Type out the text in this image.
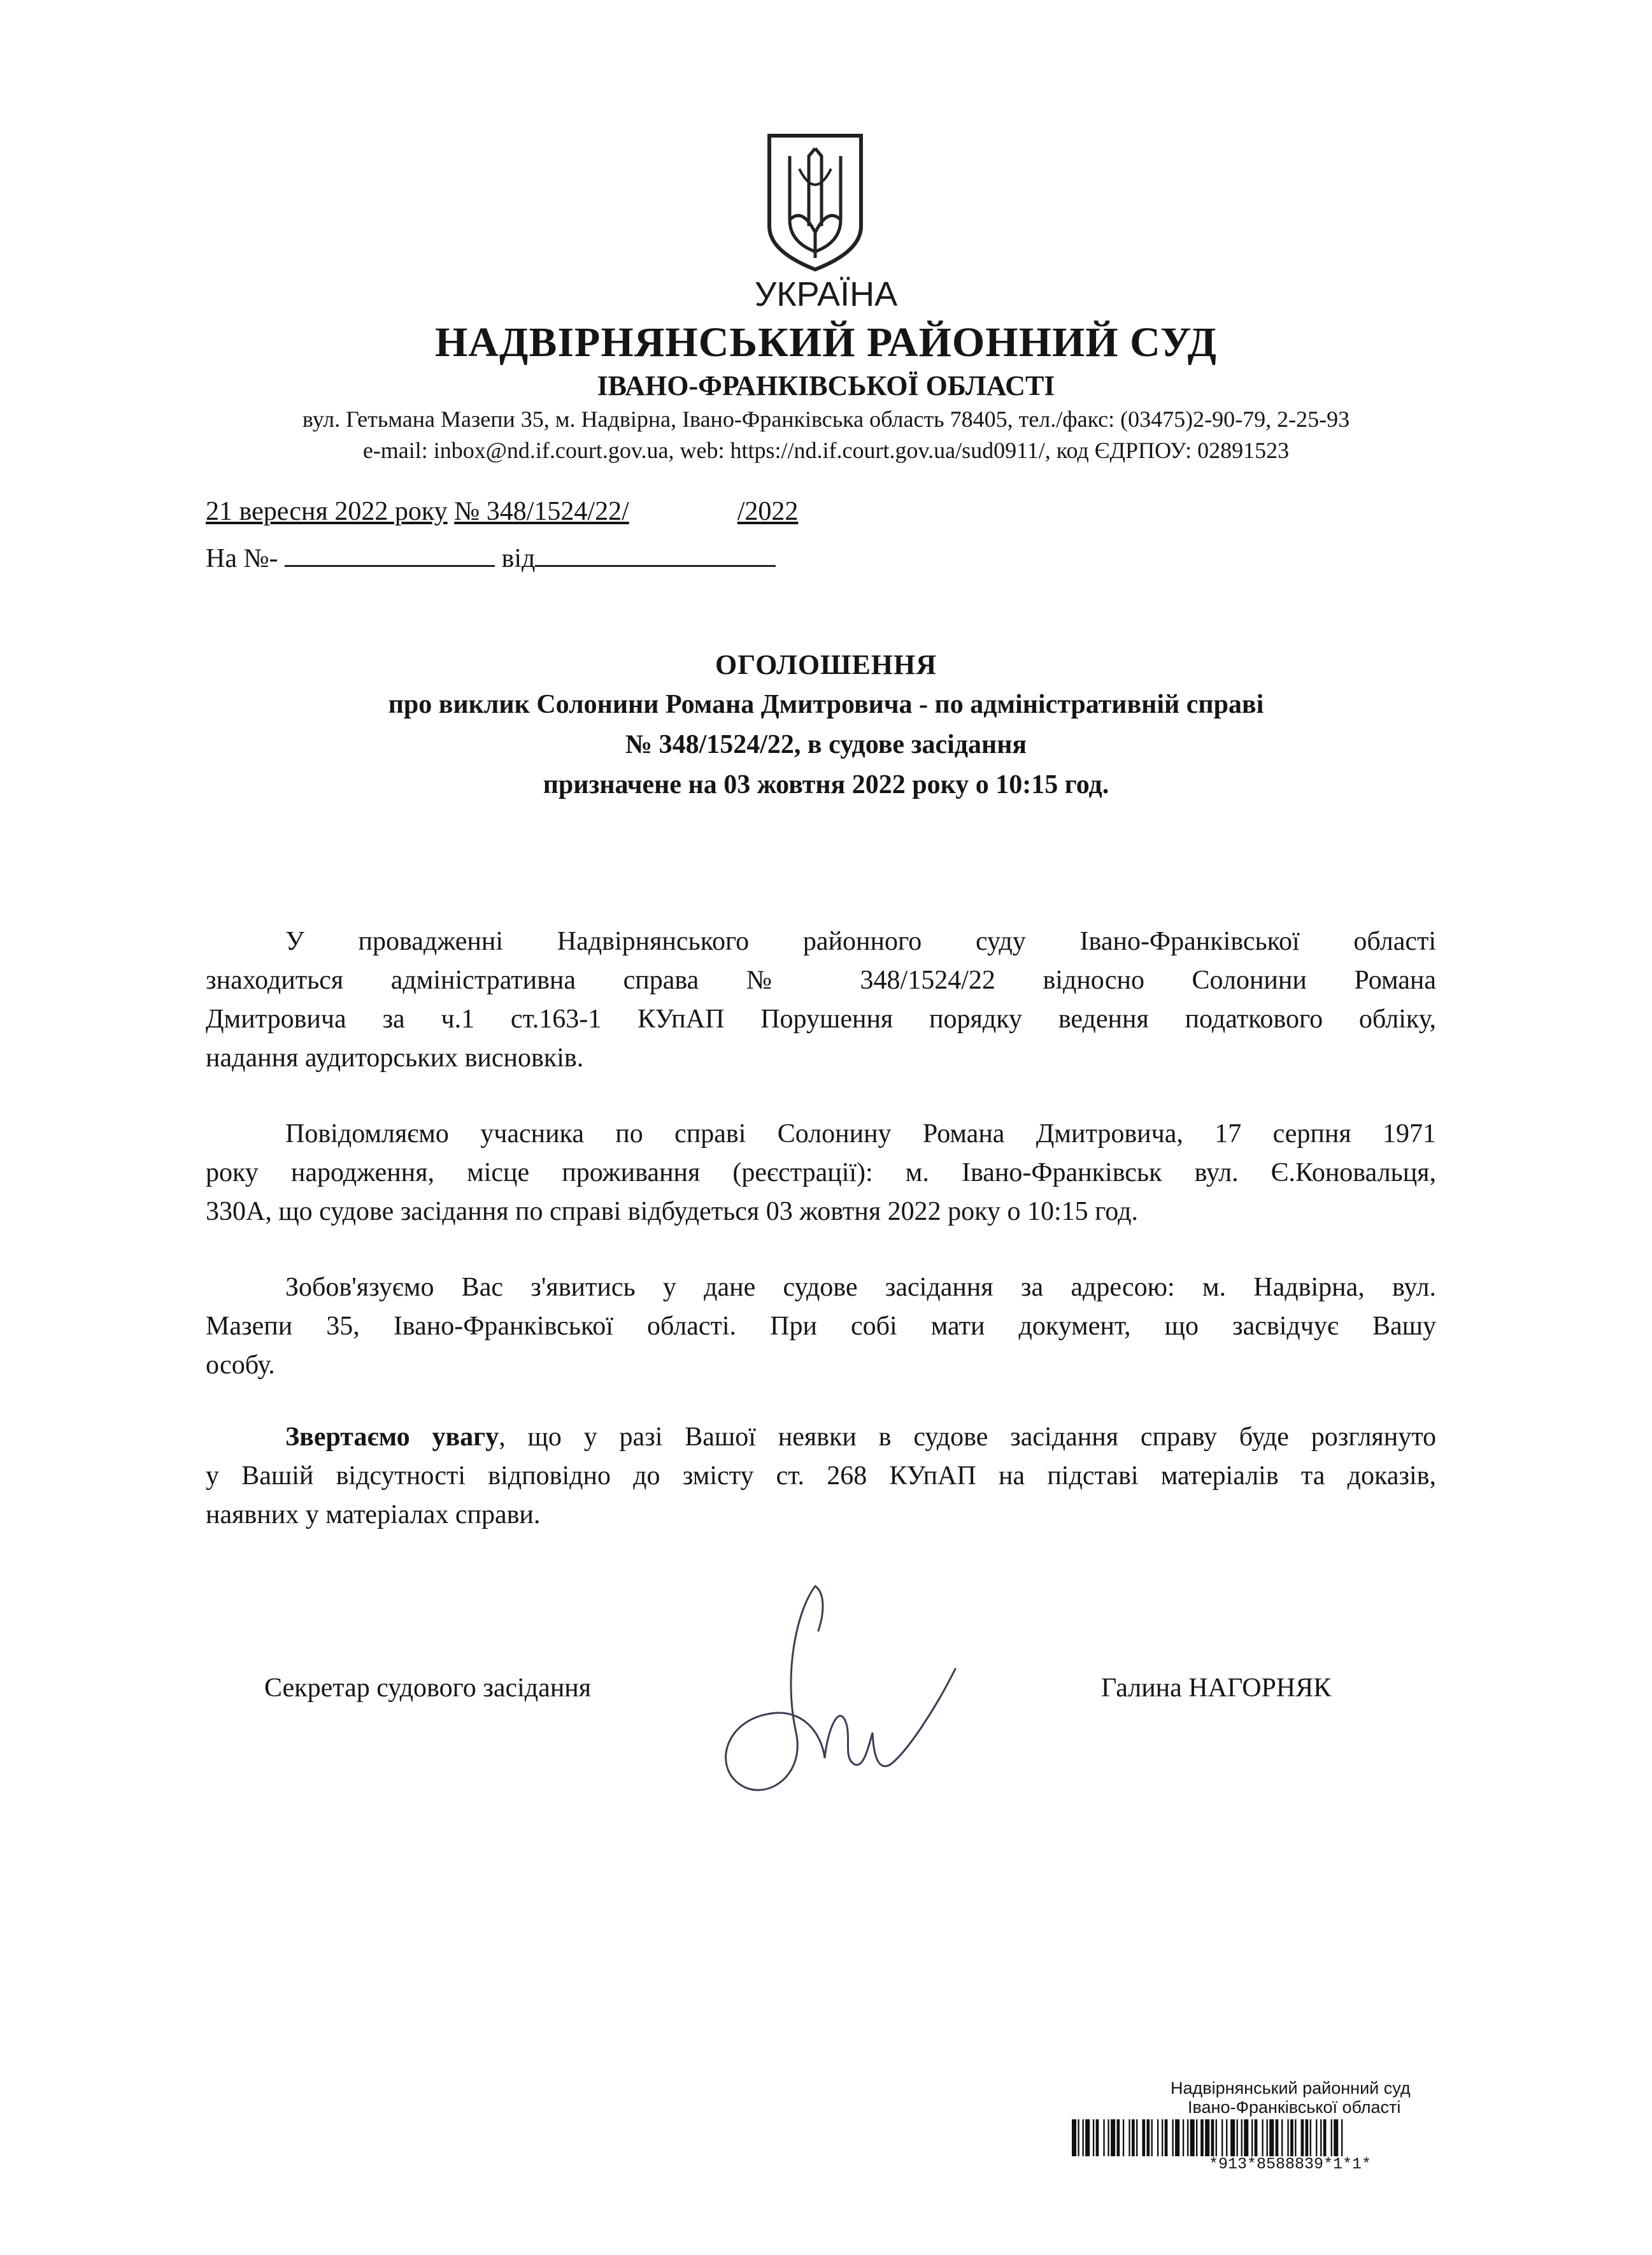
УКРАЇНА
НАДВІРНЯНСЬКИЙ РАЙОННИЙ СУД
ІВАНО-ФРАНКІВСЬКОЇ ОБЛАСТІ
вул. Гетьмана Мазепи 35, м. Надвірна, Івано-Франківська область 78405, тел./факс: (03475)2-90-79, 2-25-93
e-mail: inbox@nd.if.court.gov.ua, web: https://nd.if.court.gov.ua/sud0911/, код ЄДРПОУ: 02891523
21 вересня 2022 року № 348/1524/22/	/2022
На №-	від
ОГОЛОШЕННЯ
про виклик Солонини Романа Дмитровича - по адміністративній справі
№ 348/1524/22, в судове засідання
призначене на 03 жовтня 2022 року о 10:15 год.
У провадженні Надвірнянського районного суду Івано-Франківської області
знаходиться адміністративна справа № 348/1524/22 відносно Солонини Романа
Дмитровича за ч.1 ст.163-1 КУпАП Порушення порядку ведення податкового обліку,
надання аудиторських висновків.
Повідомляємо учасника по справі Солонину Романа Дмитровича, 17 серпня 1971
року народження, місце проживання (реєстрації): м. Івано-Франківськ вул. Є.Коновальця,
330А, що судове засідання по справі відбудеться 03 жовтня 2022 року о 10:15 год.
Зобов'язуємо Вас з'явитись у дане судове засідання за адресою: м. Надвірна, вул.
Мазепи 35, Івано-Франківської області. При собі мати документ, що засвідчує Вашу
особу.
Звертаємо увагу, що у разі Вашої неявки в судове засідання справу буде розглянуто
у Вашій відсутності відповідно до змісту ст. 268 КУпАП на підставі матеріалів та доказів,
наявних у матеріалах справи.
Секретар судового засідання	Галина НАГОРНЯК
Надвірнянський районний суд
Івано-Франківської області
*913*8588839*1*1*
